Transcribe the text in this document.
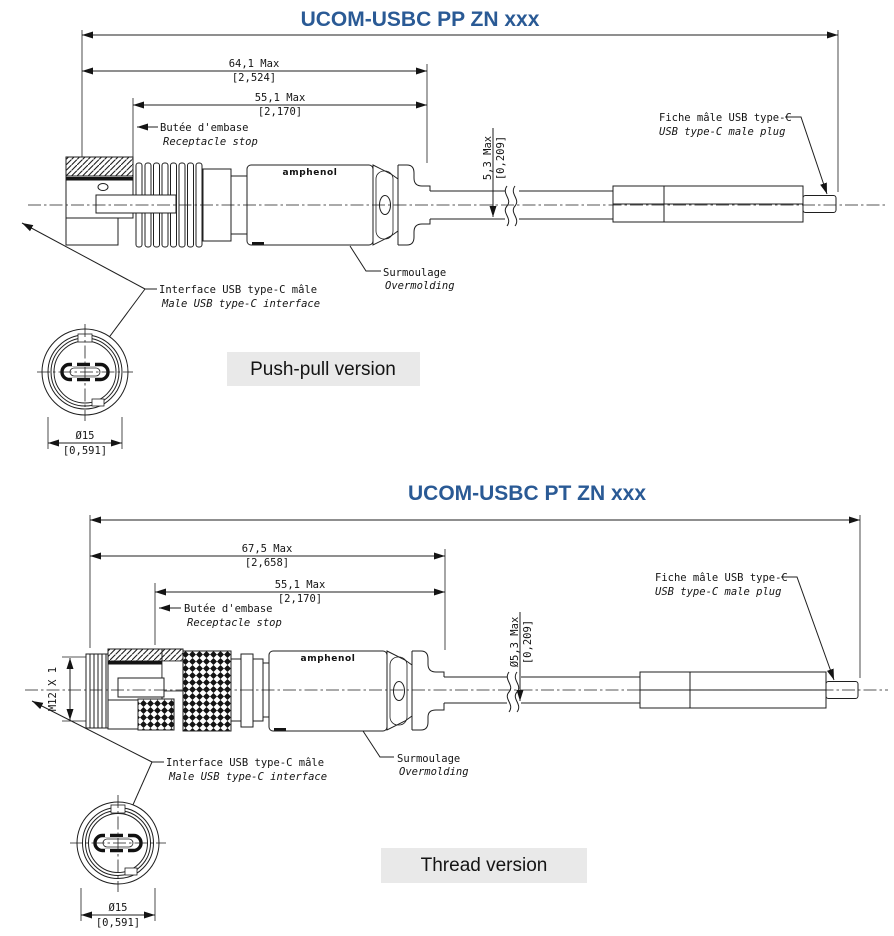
UCOM-USBC PP ZN xxx
64,1 Max
[2,524]
55,1 Max
[2,170]
Butée d'embase
Receptacle stop
Fiche mâle USB type-C
USB type-C male plug
5,3 Max [0,209]
amphenol
Surmoulage
Overmolding
Interface USB type-C mâle
Male USB type-C interface
Ø15
[0,591]
Push-pull version
UCOM-USBC PT ZN xxx
67,5 Max
[2,658]
55,1 Max
[2,170]
Butée d'embase
Receptacle stop
Fiche mâle USB type-C
USB type-C male plug
Ø5,3 Max [0,209]
M12 X 1
amphenol
Surmoulage
Overmolding
Interface USB type-C mâle
Male USB type-C interface
Ø15
[0,591]
Thread version
